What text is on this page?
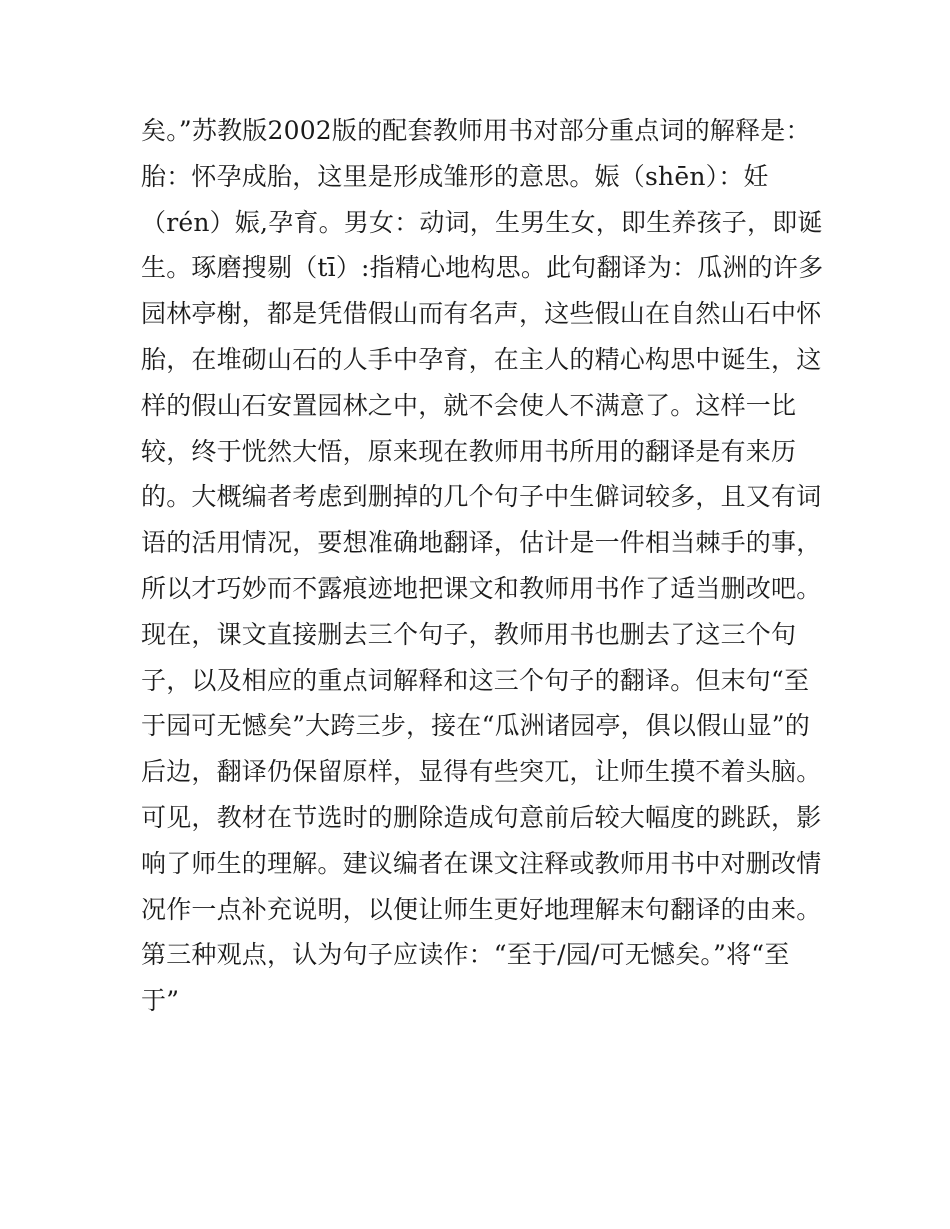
矣。”苏教版2002版的配套教师用书对部分重点词的解释是：
胎：怀孕成胎，这里是形成雏形的意思。娠（shēn）：妊
（rén）娠,孕育。男女：动词，生男生女，即生养孩子，即诞
生。琢磨搜剔（tī）:指精心地构思。此句翻译为：瓜洲的许多
园林亭榭，都是凭借假山而有名声，这些假山在自然山石中怀
胎，在堆砌山石的人手中孕育，在主人的精心构思中诞生，这
样的假山石安置园林之中，就不会使人不满意了。这样一比
较，终于恍然大悟，原来现在教师用书所用的翻译是有来历
的。大概编者考虑到删掉的几个句子中生僻词较多，且又有词
语的活用情况，要想准确地翻译，估计是一件相当棘手的事，
所以才巧妙而不露痕迹地把课文和教师用书作了适当删改吧。
现在，课文直接删去三个句子，教师用书也删去了这三个句
子，以及相应的重点词解释和这三个句子的翻译。但末句“至
于园可无憾矣”大跨三步，接在“瓜洲诸园亭，俱以假山显”的
后边，翻译仍保留原样，显得有些突兀，让师生摸不着头脑。
可见，教材在节选时的删除造成句意前后较大幅度的跳跃，影
响了师生的理解。建议编者在课文注释或教师用书中对删改情
况作一点补充说明，以便让师生更好地理解末句翻译的由来。
第三种观点，认为句子应读作：“至于/园/可无憾矣。”将“至
于”
